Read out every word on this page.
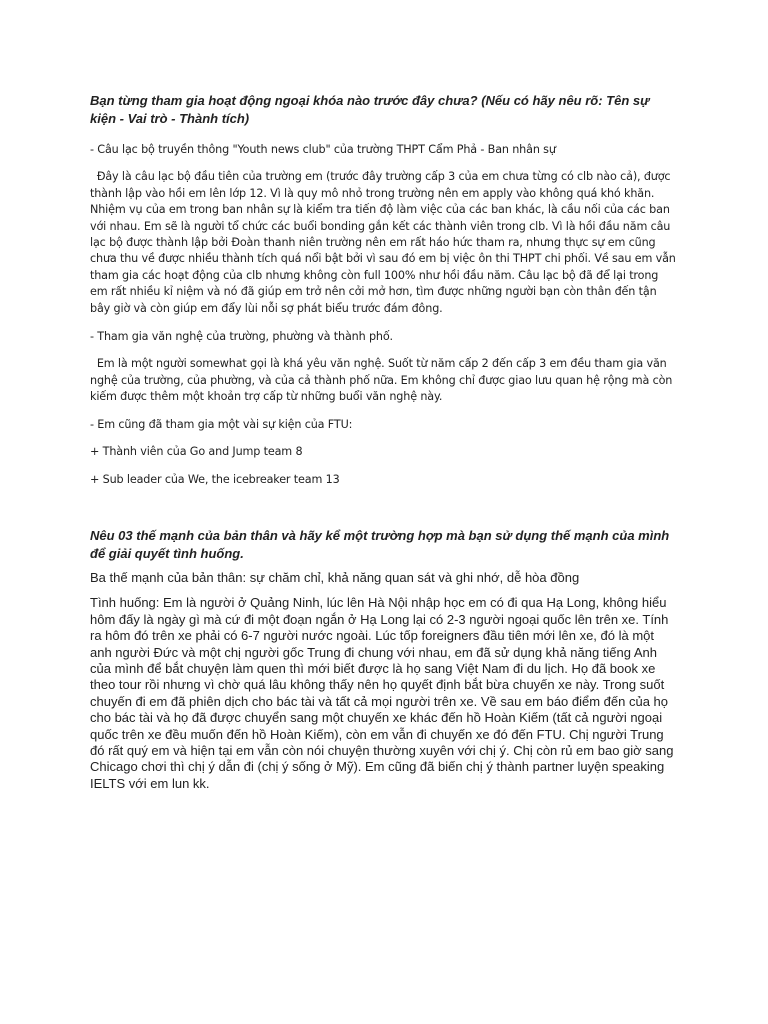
Bạn từng tham gia hoạt động ngoại khóa nào trước đây chưa? (Nếu có hãy nêu rõ: Tên sự kiện - Vai trò - Thành tích)

- Câu lạc bộ truyền thông "Youth news club" của trường THPT Cẩm Phả - Ban nhân sự

Đây là câu lạc bộ đầu tiên của trường em (trước đây trường cấp 3 của em chưa từng có clb nào cả), được thành lập vào hồi em lên lớp 12. Vì là quy mô nhỏ trong trường nên em apply vào không quá khó khăn. Nhiệm vụ của em trong ban nhân sự là kiểm tra tiến độ làm việc của các ban khác, là cầu nối của các ban với nhau. Em sẽ là người tổ chức các buổi bonding gắn kết các thành viên trong clb. Vì là hồi đầu năm câu lạc bộ được thành lập bởi Đoàn thanh niên trường nên em rất háo hức tham ra, nhưng thực sự em cũng chưa thu về được nhiều thành tích quá nổi bật bởi vì sau đó em bị việc ôn thi THPT chi phối. Về sau em vẫn tham gia các hoạt động của clb nhưng không còn full 100% như hồi đầu năm. Câu lạc bộ đã để lại trong em rất nhiều kỉ niệm và nó đã giúp em trở nên cởi mở hơn, tìm được những người bạn còn thân đến tận bây giờ và còn giúp em đẩy lùi nỗi sợ phát biểu trước đám đông.

- Tham gia văn nghệ của trường, phường và thành phố.

Em là một người somewhat gọi là khá yêu văn nghệ. Suốt từ năm cấp 2 đến cấp 3 em đều tham gia văn nghệ của trường, của phường, và của cả thành phố nữa. Em không chỉ được giao lưu quan hệ rộng mà còn kiếm được thêm một khoản trợ cấp từ những buổi văn nghệ này.

- Em cũng đã tham gia một vài sự kiện của FTU:

+ Thành viên của Go and Jump team 8

+ Sub leader của We, the icebreaker team 13

Nêu 03 thế mạnh của bản thân và hãy kể một trường hợp mà bạn sử dụng thế mạnh của mình để giải quyết tình huống.

Ba thế mạnh của bản thân: sự chăm chỉ, khả năng quan sát và ghi nhớ, dễ hòa đồng

Tình huống: Em là người ở Quảng Ninh, lúc lên Hà Nội nhập học em có đi qua Hạ Long, không hiểu hôm đấy là ngày gì mà cứ đi một đoạn ngắn ở Hạ Long lại có 2-3 người ngoại quốc lên trên xe. Tính ra hôm đó trên xe phải có 6-7 người nước ngoài. Lúc tốp foreigners đầu tiên mới lên xe, đó là một anh người Đức và một chị người gốc Trung đi chung với nhau, em đã sử dụng khả năng tiếng Anh của mình để bắt chuyện làm quen thì mới biết được là họ sang Việt Nam đi du lịch. Họ đã book xe theo tour rồi nhưng vì chờ quá lâu không thấy nên họ quyết định bắt bừa chuyến xe này. Trong suốt chuyến đi em đã phiên dịch cho bác tài và tất cả mọi người trên xe. Về sau em báo điểm đến của họ cho bác tài và họ đã được chuyển sang một chuyến xe khác đến hồ Hoàn Kiếm (tất cả người ngoại quốc trên xe đều muốn đến hồ Hoàn Kiếm), còn em vẫn đi chuyến xe đó đến FTU. Chị người Trung đó rất quý em và hiện tại em vẫn còn nói chuyện thường xuyên với chị ý. Chị còn rủ em bao giờ sang Chicago chơi thì chị ý dẫn đi (chị ý sống ở Mỹ). Em cũng đã biến chị ý thành partner luyện speaking IELTS với em lun kk.
